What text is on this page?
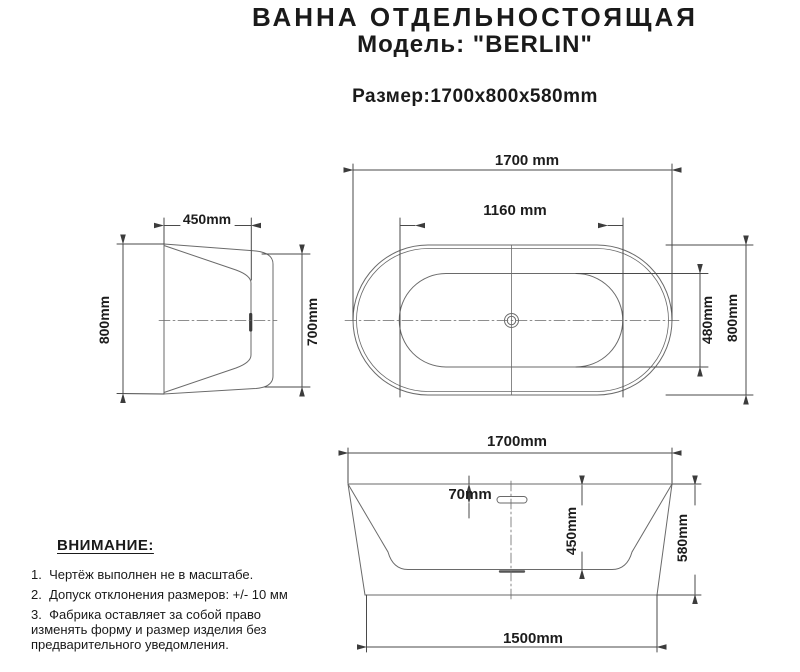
ВАННА ОТДЕЛЬНОСТОЯЩАЯ
Модель: "BERLIN"
Размер:1700x800x580mm
450mm
800mm	700mm
1700 mm
1160 mm
480mm 800mm
1700mm
70mm
450mm	580mm
1500mm
ВНИМАНИЕ:
1.  Чертёж выполнен не в масштабе.
2.  Допуск отклонения размеров: +/- 10 мм
3.  Фабрика оставляет за собой право
изменять форму и размер изделия без
предварительного уведомления.
